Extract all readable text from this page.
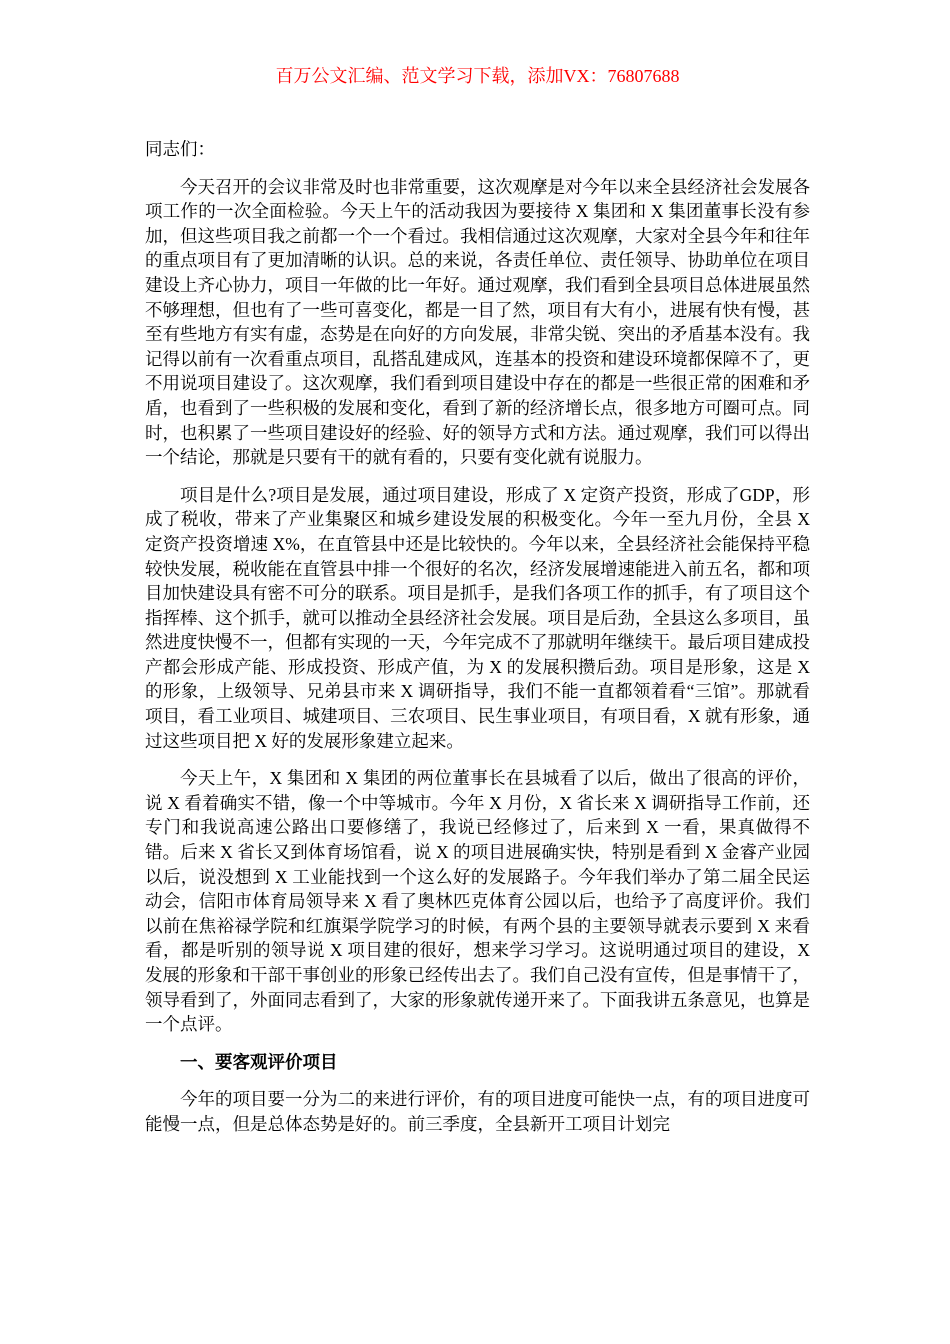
百万公文汇编、范文学习下载，添加VX：76807688

同志们：

今天召开的会议非常及时也非常重要，这次观摩是对今年以来全县经济社会发展各项工作的一次全面检验。今天上午的活动我因为要接待 X 集团和 X 集团董事长没有参加，但这些项目我之前都一个一个看过。我相信通过这次观摩，大家对全县今年和往年的重点项目有了更加清晰的认识。总的来说，各责任单位、责任领导、协助单位在项目建设上齐心协力，项目一年做的比一年好。通过观摩，我们看到全县项目总体进展虽然不够理想，但也有了一些可喜变化，都是一目了然，项目有大有小，进展有快有慢，甚至有些地方有实有虚，态势是在向好的方向发展，非常尖锐、突出的矛盾基本没有。我记得以前有一次看重点项目，乱搭乱建成风，连基本的投资和建设环境都保障不了，更不用说项目建设了。这次观摩，我们看到项目建设中存在的都是一些很正常的困难和矛盾，也看到了一些积极的发展和变化，看到了新的经济增长点，很多地方可圈可点。同时，也积累了一些项目建设好的经验、好的领导方式和方法。通过观摩，我们可以得出一个结论，那就是只要有干的就有看的，只要有变化就有说服力。

项目是什么?项目是发展，通过项目建设，形成了 X 定资产投资，形成了GDP，形成了税收，带来了产业集聚区和城乡建设发展的积极变化。今年一至九月份，全县 X 定资产投资增速 X%，在直管县中还是比较快的。今年以来，全县经济社会能保持平稳较快发展，税收能在直管县中排一个很好的名次，经济发展增速能进入前五名，都和项目加快建设具有密不可分的联系。项目是抓手，是我们各项工作的抓手，有了项目这个指挥棒、这个抓手，就可以推动全县经济社会发展。项目是后劲，全县这么多项目，虽然进度快慢不一，但都有实现的一天，今年完成不了那就明年继续干。最后项目建成投产都会形成产能、形成投资、形成产值，为 X 的发展积攒后劲。项目是形象，这是 X 的形象，上级领导、兄弟县市来 X 调研指导，我们不能一直都领着看“三馆”。那就看项目，看工业项目、城建项目、三农项目、民生事业项目，有项目看，X 就有形象，通过这些项目把 X 好的发展形象建立起来。

今天上午，X 集团和 X 集团的两位董事长在县城看了以后，做出了很高的评价，说 X 看着确实不错，像一个中等城市。今年 X 月份，X 省长来 X 调研指导工作前，还专门和我说高速公路出口要修缮了，我说已经修过了，后来到 X 一看，果真做得不错。后来 X 省长又到体育场馆看，说 X 的项目进展确实快，特别是看到 X 金睿产业园以后，说没想到 X 工业能找到一个这么好的发展路子。今年我们举办了第二届全民运动会，信阳市体育局领导来 X 看了奥林匹克体育公园以后，也给予了高度评价。我们以前在焦裕禄学院和红旗渠学院学习的时候，有两个县的主要领导就表示要到 X 来看看，都是听别的领导说 X 项目建的很好，想来学习学习。这说明通过项目的建设，X 发展的形象和干部干事创业的形象已经传出去了。我们自己没有宣传，但是事情干了，领导看到了，外面同志看到了，大家的形象就传递开来了。下面我讲五条意见，也算是一个点评。

一、要客观评价项目

今年的项目要一分为二的来进行评价，有的项目进度可能快一点，有的项目进度可能慢一点，但是总体态势是好的。前三季度，全县新开工项目计划完
